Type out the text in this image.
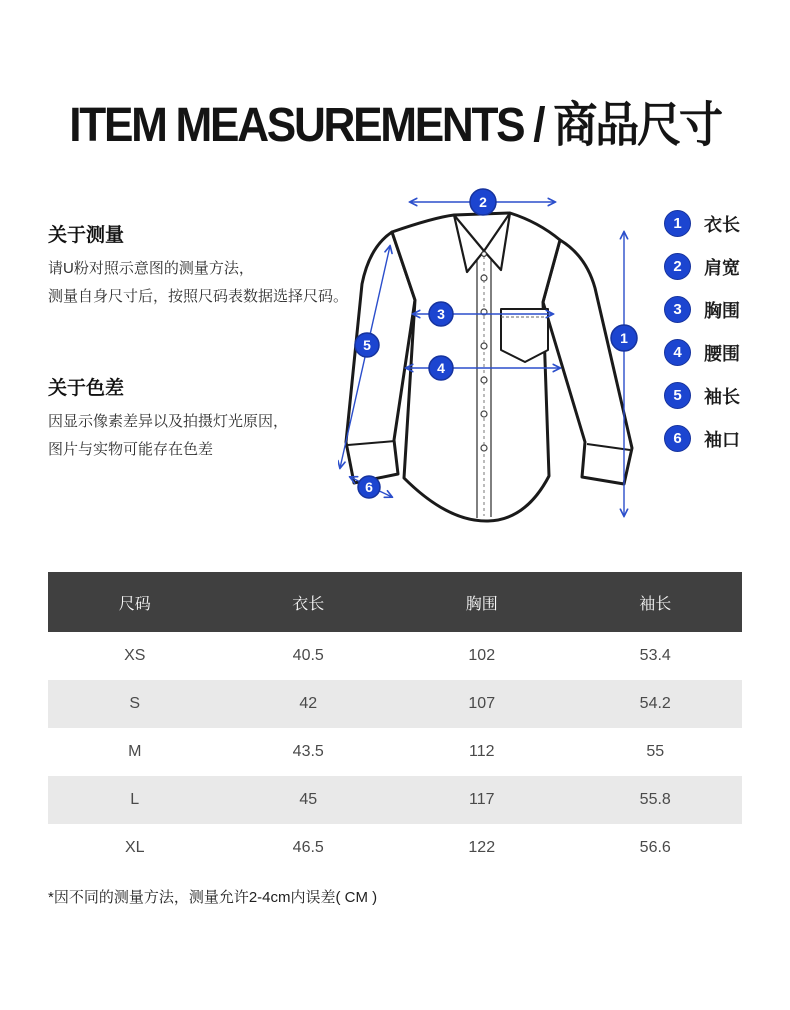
ITEM MEASUREMENTS / 商品尺寸
关于测量

请U粉对照示意图的测量方法，

测量自身尺寸后，按照尺码表数据选择尺码。

关于色差

因显示像素差异以及拍摄灯光原因，

图片与实物可能存在色差

2
1
3
4
5
6
1	衣长
2	肩宽
3	胸围
4	腰围
5	袖长
6	袖口
尺码	衣长	胸围	袖长
XS	40.5	102	53.4
S	42	107	54.2
M	43.5	112	55
L	45	117	55.8
XL	46.5	122	56.6

*因不同的测量方法，测量允许2-4cm内误差( CM )
